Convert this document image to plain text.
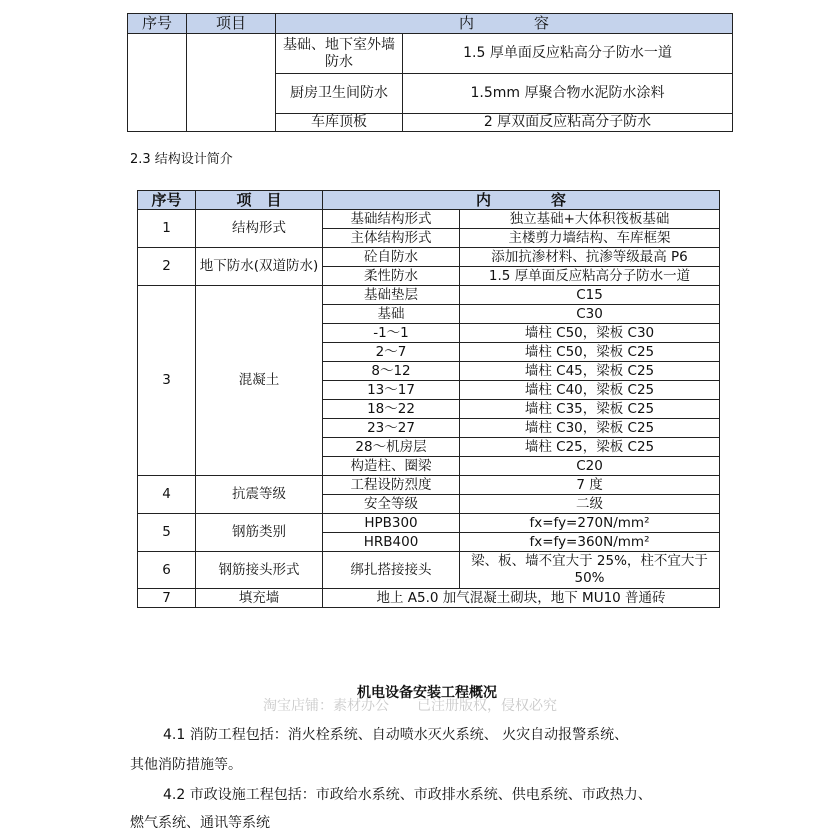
序号	项目	内　　　　容	
		基础、地下室外墙防水	1.5 厚单面反应粘高分子防水一道
		厨房卫生间防水	1.5mm 厚聚合物水泥防水涂料
		车库顶板	2 厚双面反应粘高分子防水
2.3 结构设计简介
序号	项　目	内　　　　容	
1	结构形式	基础结构形式	独立基础+大体积筏板基础
		主体结构形式	主楼剪力墙结构、车库框架
2	地下防水(双道防水)	砼自防水	添加抗渗材料、抗渗等级最高 P6
		柔性防水	1.5 厚单面反应粘高分子防水一道
3	混凝土	基础垫层	C15
		基础	C30
		-1～1	墙柱 C50，梁板 C30
		2～7	墙柱 C50，梁板 C25
		8～12	墙柱 C45，梁板 C25
		13～17	墙柱 C40，梁板 C25
		18～22	墙柱 C35，梁板 C25
		23～27	墙柱 C30，梁板 C25
		28～机房层	墙柱 C25，梁板 C25
		构造柱、圈梁	C20
4	抗震等级	工程设防烈度	7 度
		安全等级	二级
5	钢筋类别	HPB300	fx=fy=270N/mm²
		HRB400	fx=fy=360N/mm²
6	钢筋接头形式	绑扎搭接接头	梁、板、墙不宜大于 25%，柱不宜大于 50%
7	填充墙	地上 A5.0 加气混凝土砌块，地下 MU10 普通砖	
机电设备安装工程概况
淘宝店铺：素材办公　　已注册版权，侵权必究
4.1 消防工程包括：消火栓系统、自动喷水灭火系统、 火灾自动报警系统、
其他消防措施等。
4.2 市政设施工程包括：市政给水系统、市政排水系统、供电系统、市政热力、
燃气系统、通讯等系统
